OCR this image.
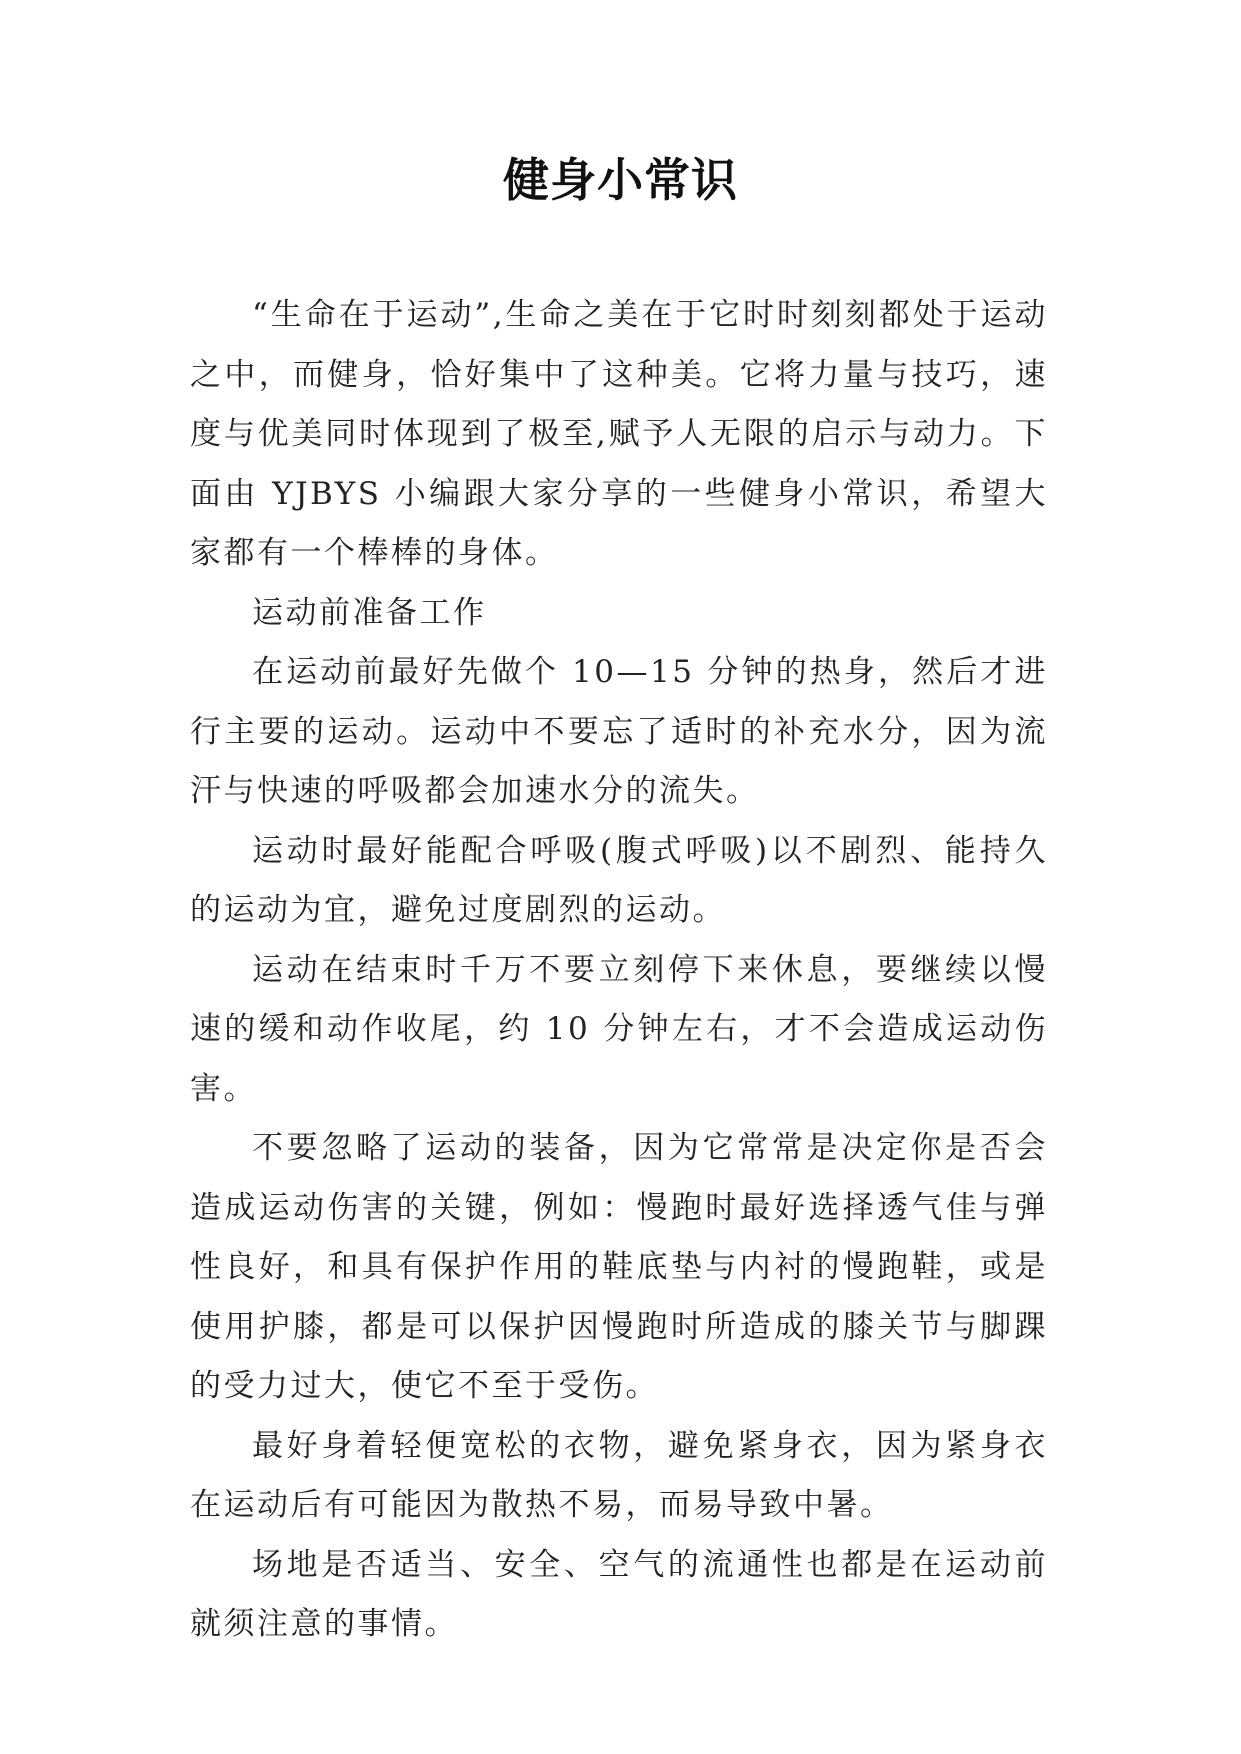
健身小常识

“生命在于运动”,生命之美在于它时时刻刻都处于运动之中，而健身，恰好集中了这种美。它将力量与技巧，速度与优美同时体现到了极至,赋予人无限的启示与动力。下面由 YJBYS 小编跟大家分享的一些健身小常识，希望大家都有一个棒棒的身体。

运动前准备工作

在运动前最好先做个 10—15 分钟的热身，然后才进行主要的运动。运动中不要忘了适时的补充水分，因为流汗与快速的呼吸都会加速水分的流失。

运动时最好能配合呼吸(腹式呼吸)以不剧烈、能持久的运动为宜，避免过度剧烈的运动。

运动在结束时千万不要立刻停下来休息，要继续以慢速的缓和动作收尾，约 10 分钟左右，才不会造成运动伤害。

不要忽略了运动的装备，因为它常常是决定你是否会造成运动伤害的关键，例如：慢跑时最好选择透气佳与弹性良好，和具有保护作用的鞋底垫与内衬的慢跑鞋，或是使用护膝，都是可以保护因慢跑时所造成的膝关节与脚踝的受力过大，使它不至于受伤。

最好身着轻便宽松的衣物，避免紧身衣，因为紧身衣在运动后有可能因为散热不易，而易导致中暑。

场地是否适当、安全、空气的流通性也都是在运动前就须注意的事情。
